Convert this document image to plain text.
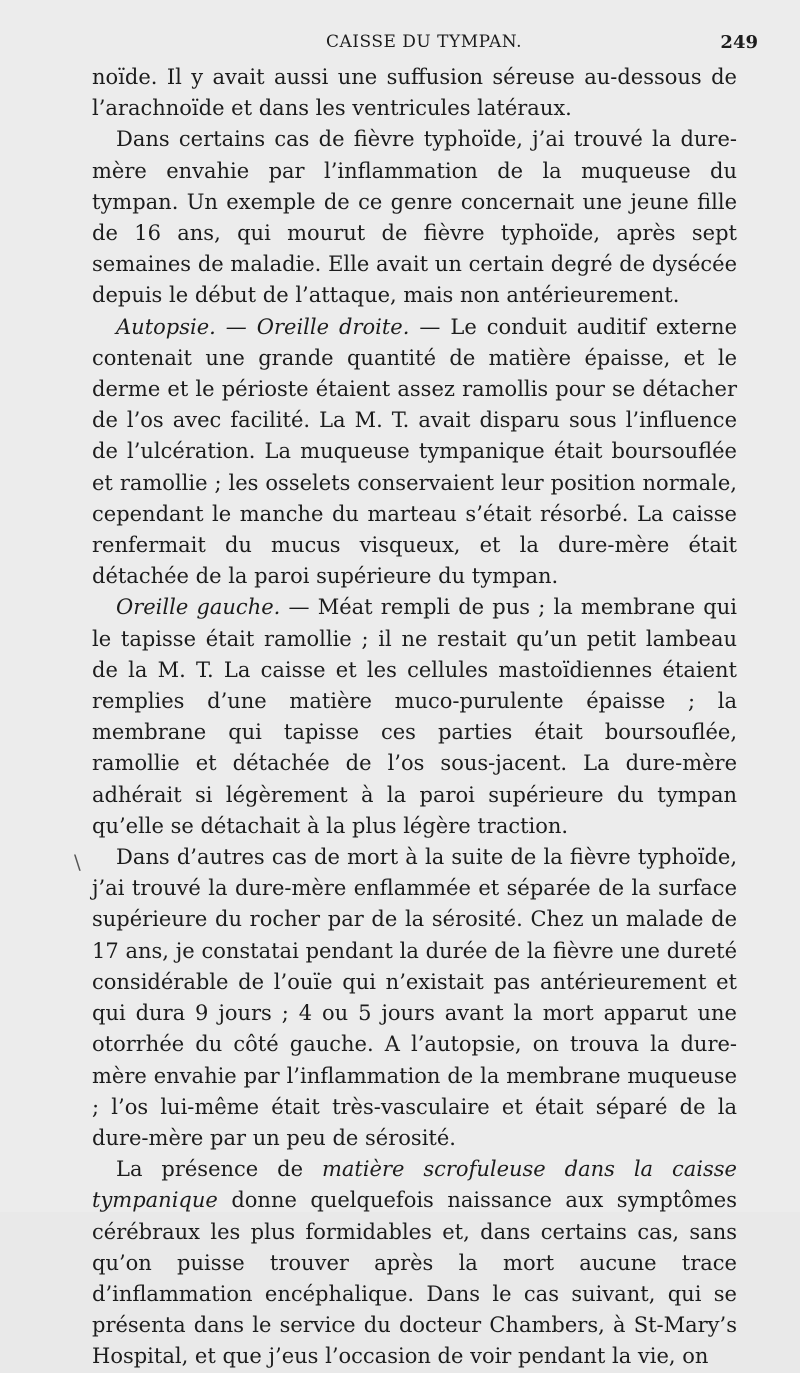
CAISSE DU TYMPAN.	249
\

noïde. Il y avait aussi une suffusion séreuse au-dessous de l’arachnoïde et dans les ventricules latéraux.

Dans certains cas de fièvre typhoïde, j’ai trouvé la dure-mère envahie par l’inflammation de la muqueuse du tympan. Un exemple de ce genre concernait une jeune fille de 16 ans, qui mourut de fièvre typhoïde, après sept semaines de maladie. Elle avait un certain degré de dysécée depuis le début de l’attaque, mais non antérieurement.

Autopsie. — Oreille droite. — Le conduit auditif externe contenait une grande quantité de matière épaisse, et le derme et le périoste étaient assez ramollis pour se détacher de l’os avec facilité. La M. T. avait disparu sous l’influence de l’ulcération. La muqueuse tympanique était boursouflée et ramollie ; les osselets conservaient leur position normale, cependant le manche du marteau s’était résorbé. La caisse renfermait du mucus visqueux, et la dure-mère était détachée de la paroi supérieure du tympan.

Oreille gauche. — Méat rempli de pus ; la membrane qui le tapisse était ramollie ; il ne restait qu’un petit lambeau de la M. T. La caisse et les cellules mastoïdiennes étaient remplies d’une matière muco-purulente épaisse ; la membrane qui tapisse ces parties était boursouflée, ramollie et détachée de l’os sous-jacent. La dure-mère adhérait si légèrement à la paroi supérieure du tympan qu’elle se détachait à la plus légère traction.

Dans d’autres cas de mort à la suite de la fièvre typhoïde, j’ai trouvé la dure-mère enflammée et séparée de la surface supérieure du rocher par de la sérosité. Chez un malade de 17 ans, je constatai pendant la durée de la fièvre une dureté considérable de l’ouïe qui n’existait pas antérieurement et qui dura 9 jours ; 4 ou 5 jours avant la mort apparut une otorrhée du côté gauche. A l’autopsie, on trouva la dure-mère envahie par l’inflammation de la membrane muqueuse ; l’os lui-même était très-vasculaire et était séparé de la dure-mère par un peu de sérosité.

La présence de matière scrofuleuse dans la caisse tympanique donne quelquefois naissance aux symptômes cérébraux les plus formidables et, dans certains cas, sans qu’on puisse trouver après la mort aucune trace d’inflammation encéphalique. Dans le cas suivant, qui se présenta dans le service du docteur Chambers, à St-Mary’s Hospital, et que j’eus l’occasion de voir pendant la vie, on
